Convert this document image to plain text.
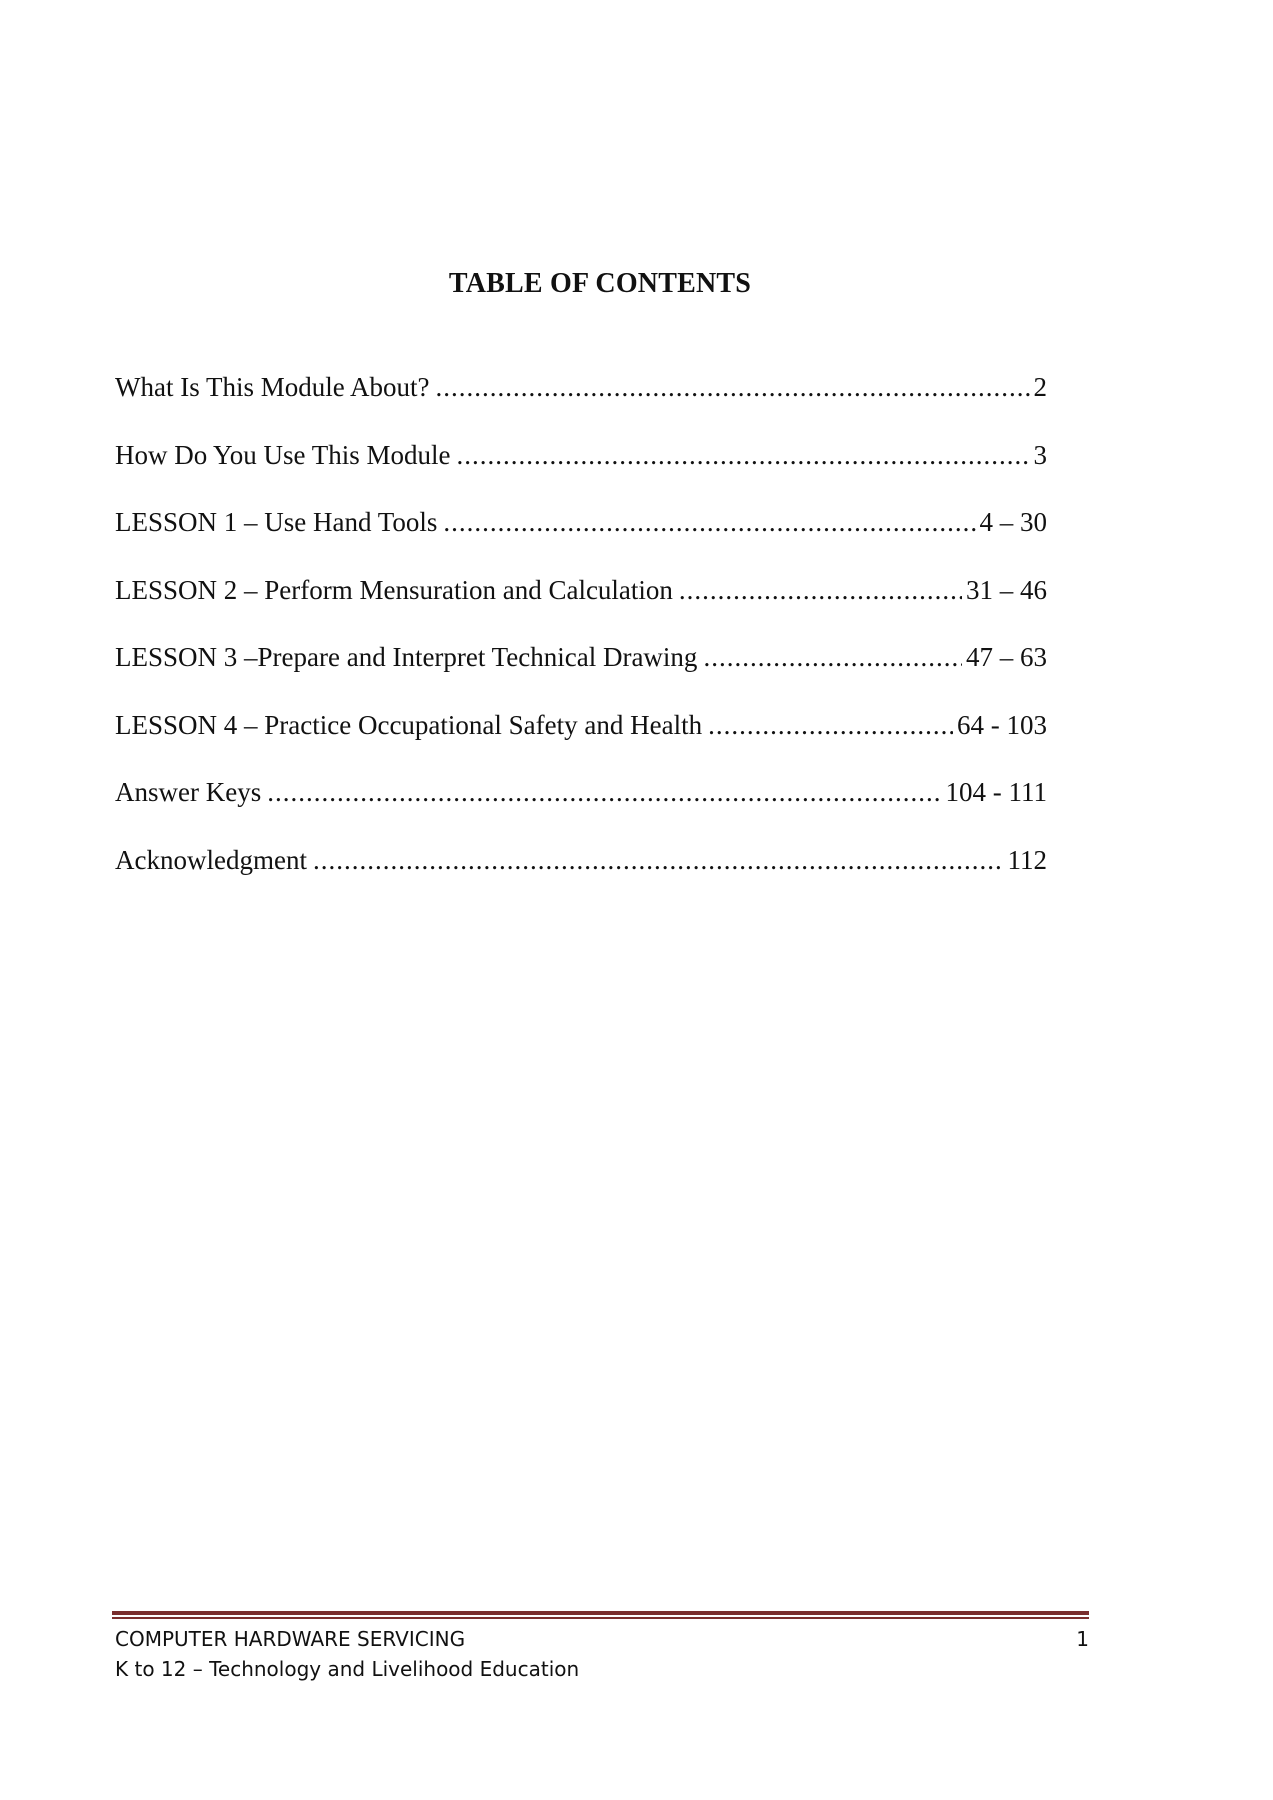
TABLE OF CONTENTS
What Is This Module About? .....	2
How Do You Use This Module .....	3
LESSON 1 – Use Hand Tools .....	4 – 30
LESSON 2 – Perform Mensuration and Calculation .....	31 – 46
LESSON 3 –Prepare and Interpret Technical Drawing .....	47 – 63
LESSON 4 – Practice Occupational Safety and Health .....	64 - 103
Answer Keys .....	104 - 111
Acknowledgment .....	112
COMPUTER HARDWARE SERVICING	1
K to 12 – Technology and Livelihood Education
